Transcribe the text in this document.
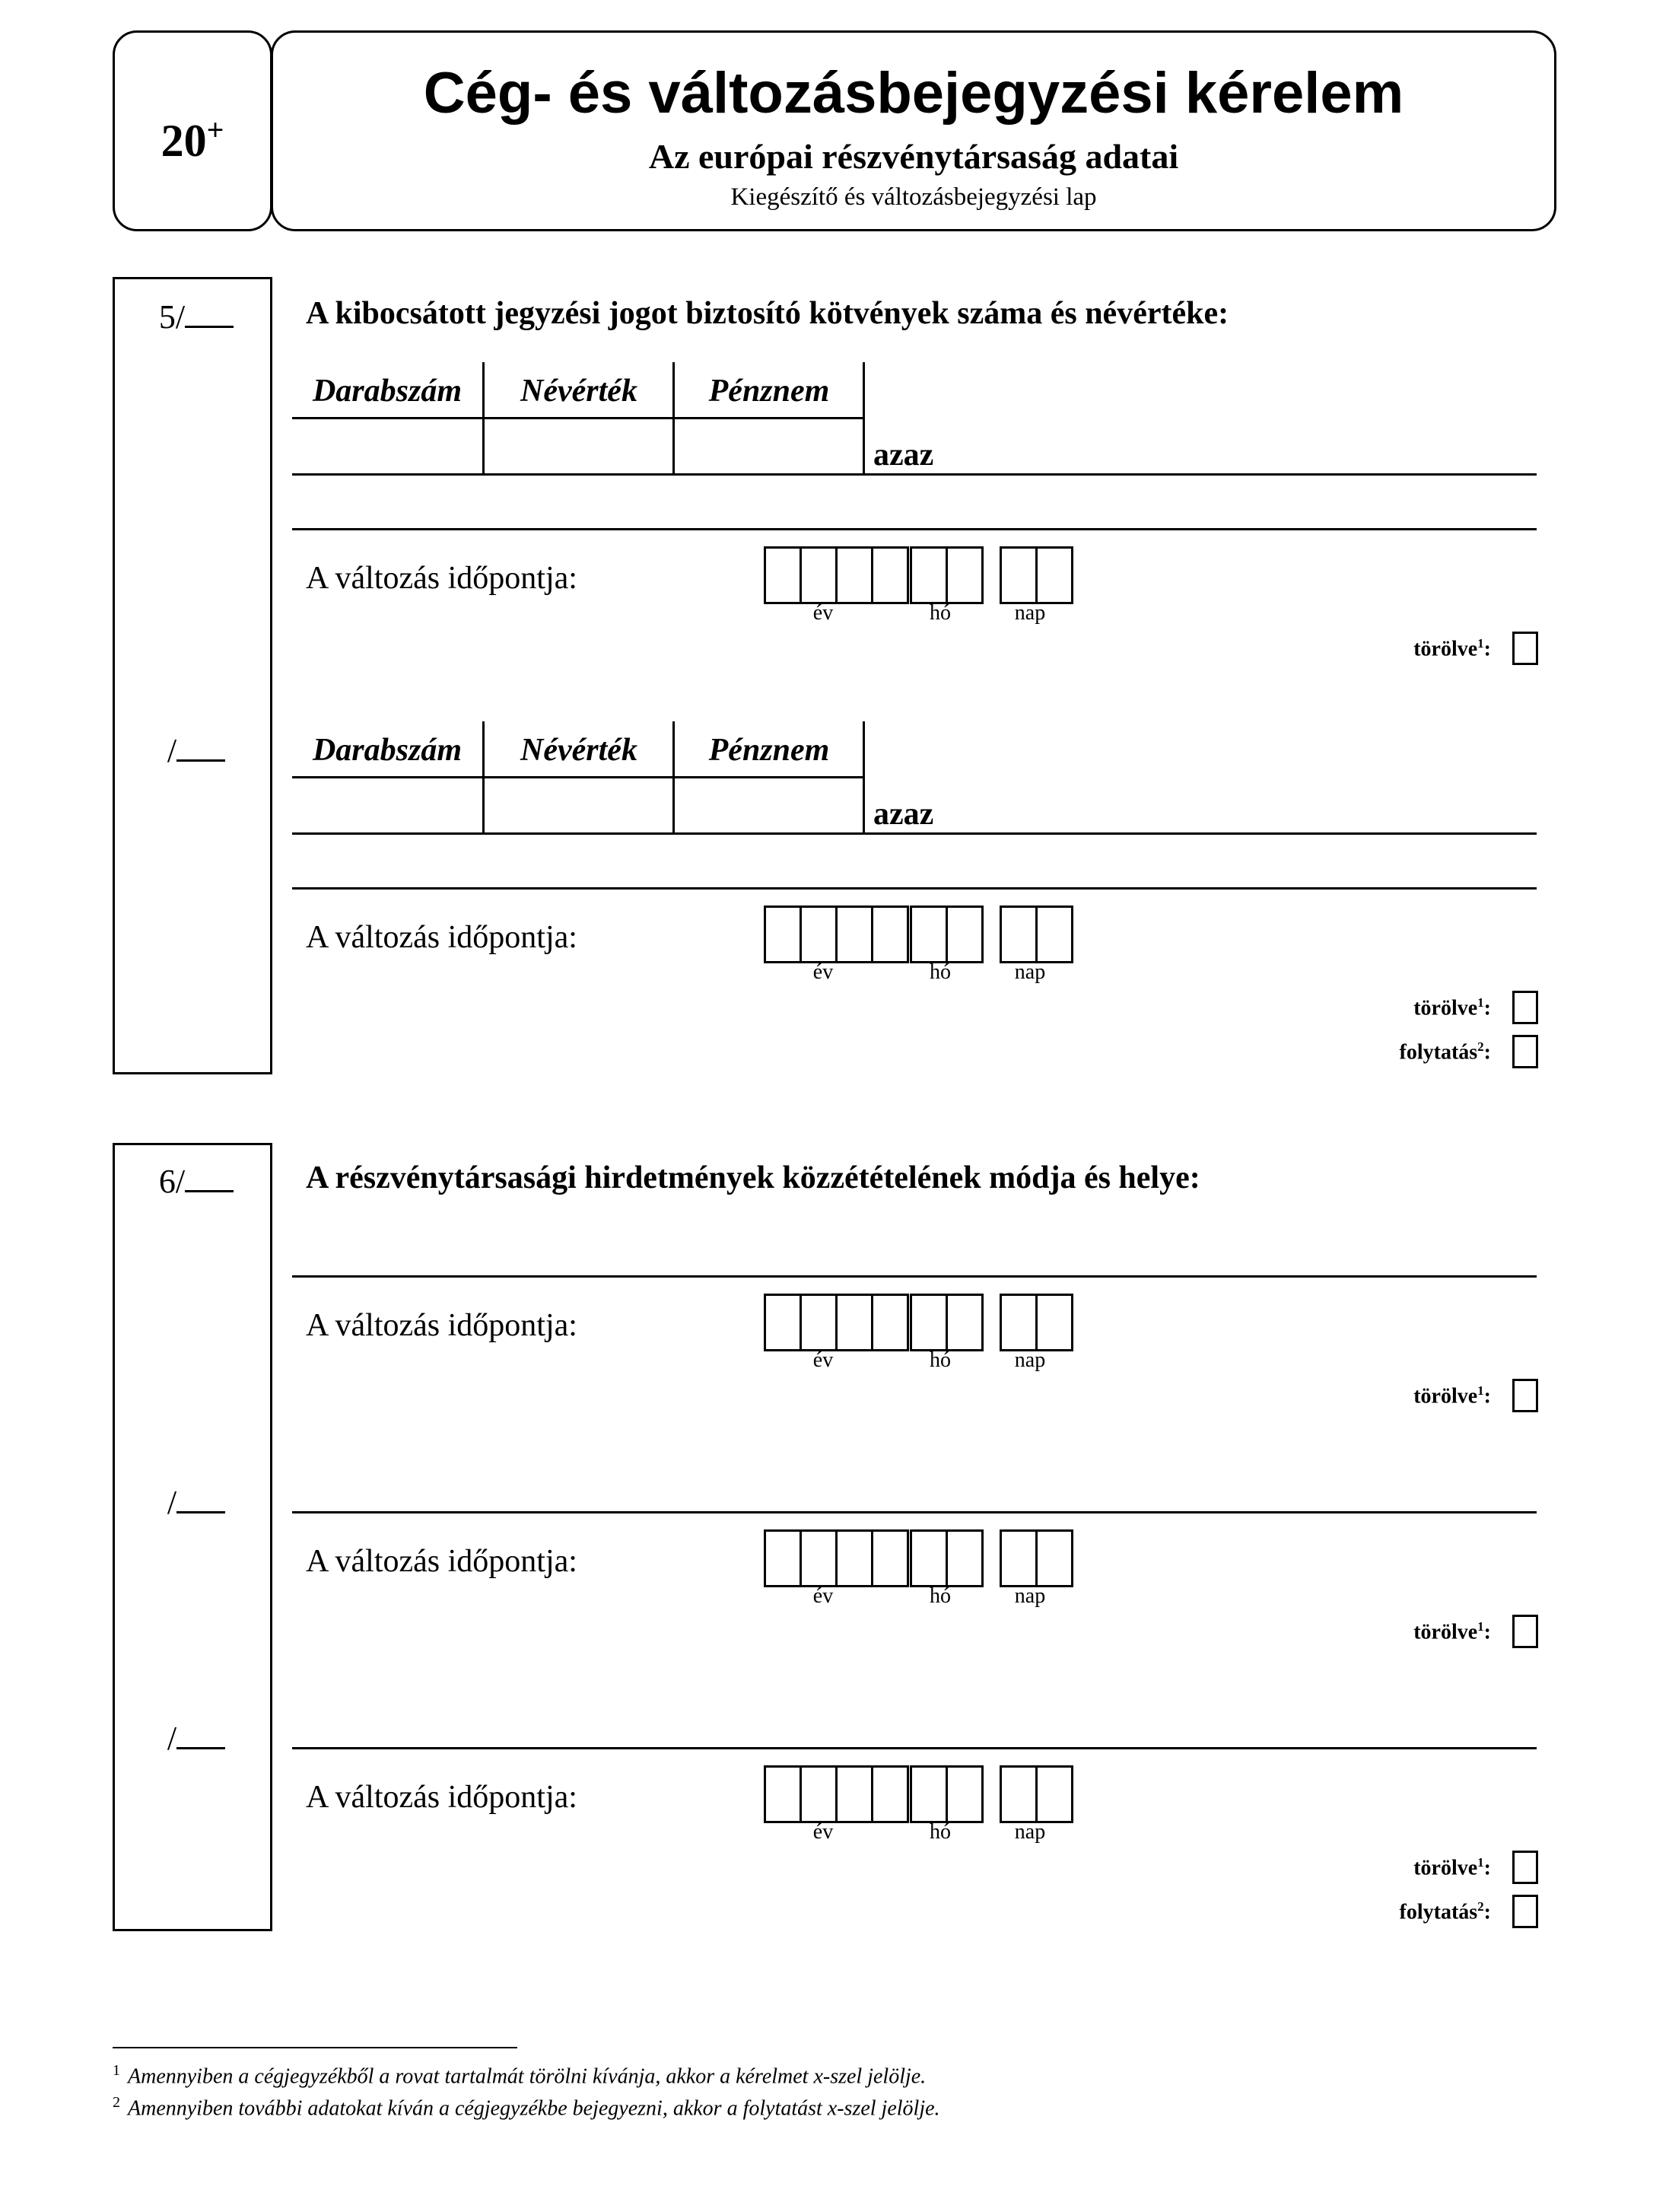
20+
Cég- és változásbejegyzési kérelem
Az európai részvénytársaság adatai
Kiegészítő és változásbejegyzési lap
5/
/
A kibocsátott jegyzési jogot biztosító kötvények száma és névértéke:
Darabszám	Névérték	Pénznem
azaz
A változás időpontja:
év	hó	nap
törölve$^1$:
Darabszám	Névérték	Pénznem
azaz
A változás időpontja:
év	hó	nap
törölve$^1$:
folytatás$^2$:
6/
/
/
A részvénytársasági hirdetmények közzétételének módja és helye:
A változás időpontja:
év	hó	nap
törölve$^1$:
A változás időpontja:
év	hó	nap
törölve$^1$:
A változás időpontja:
év	hó	nap
törölve$^1$:
folytatás$^2$:
$^1$ Amennyiben a cégjegyzékből a rovat tartalmát törölni kívánja, akkor a kérelmet x-szel jelölje.
$^2$ Amennyiben további adatokat kíván a cégjegyzékbe bejegyezni, akkor a folytatást x-szel jelölje.
